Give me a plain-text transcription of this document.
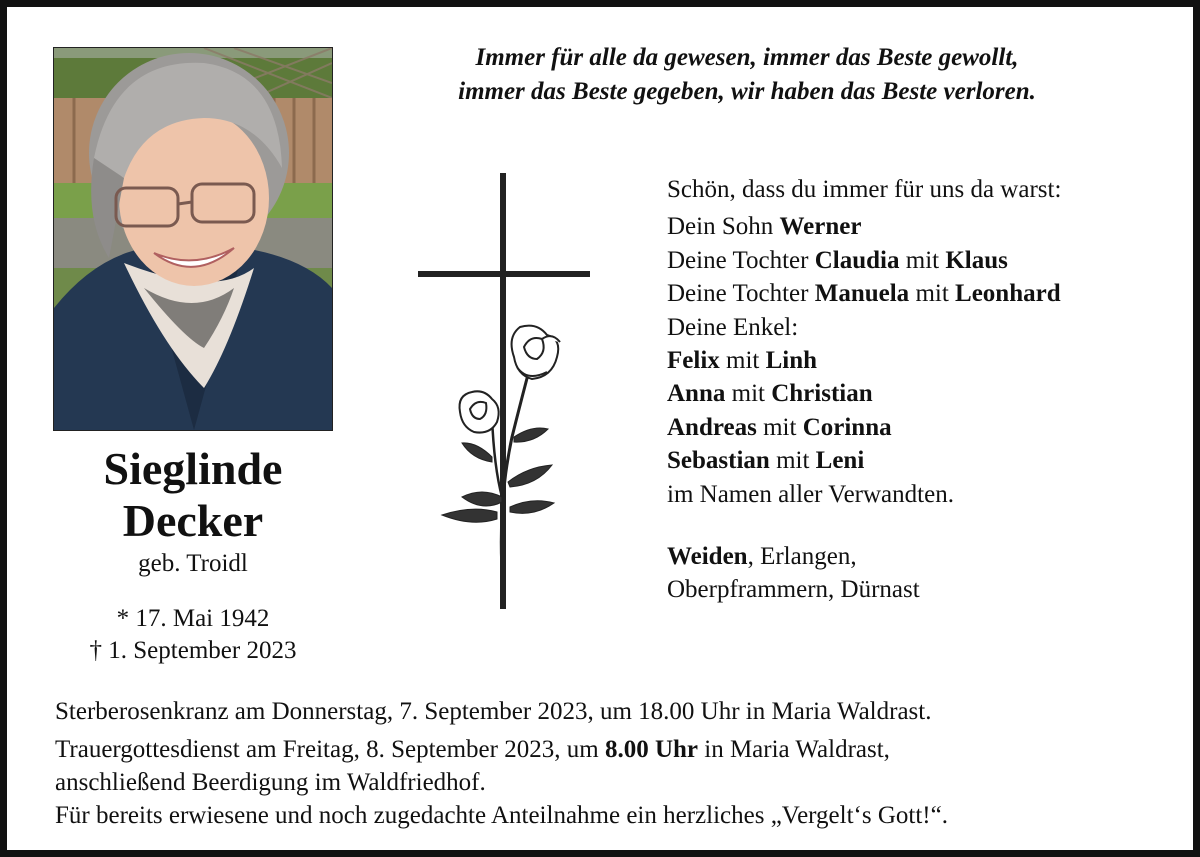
Immer für alle da gewesen, immer das Beste gewollt,
immer das Beste gegeben, wir haben das Beste verloren.
Sieglinde
Decker
geb. Troidl
* 17. Mai 1942
† 1. September 2023
Schön, dass du immer für uns da warst:
Dein Sohn Werner
Deine Tochter Claudia mit Klaus
Deine Tochter Manuela mit Leonhard
Deine Enkel:
Felix mit Linh
Anna mit Christian
Andreas mit Corinna
Sebastian mit Leni
im Namen aller Verwandten.
Weiden, Erlangen,
Oberpframmern, Dürnast
Sterberosenkranz am Donnerstag, 7. September 2023, um 18.00 Uhr in Maria Waldrast.
Trauergottesdienst am Freitag, 8. September 2023, um 8.00 Uhr in Maria Waldrast,
anschließend Beerdigung im Waldfriedhof.
Für bereits erwiesene und noch zugedachte Anteilnahme ein herzliches „Vergelt‘s Gott!“.
